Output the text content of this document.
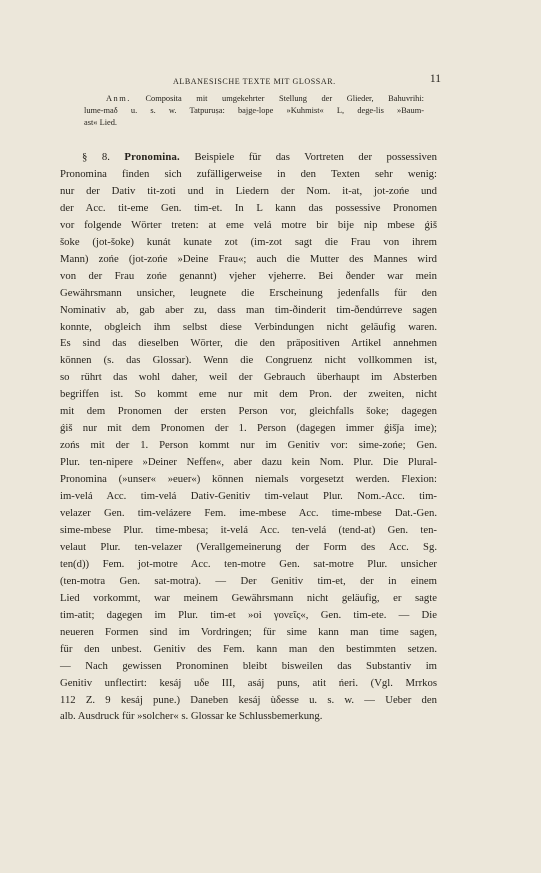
ALBANESISCHE TEXTE MIT GLOSSAR.	11
Anm. Composita mit umgekehrter Stellung der Glieder, Bahuvrihi:
lume-maδ u. s. w. Tatpuruṣa: bajge-lope »Kuhmist« L, dege-lis »Baum-
ast« Lied.
§ 8. Pronomina. Beispiele für das Vortreten der possessiven
Pronomina finden sich zufälligerweise in den Texten sehr wenig:
nur der Dativ tit-zoti und in Liedern der Nom. it-at, jot-zońe und
der Acc. tit-eme Gen. tim-et. In L kann das possessive Pronomen
vor folgende Wörter treten: at eme velá motre bir bije nip mbese ǵiš
šoke (jot-šoke) kunát kunate zot (im-zot sagt die Frau von ihrem
Mann) zońe (jot-zońe »Deine Frau«; auch die Mutter des Mannes wird
von der Frau zońe genannt) vjeher vjeherre. Bei ðender war mein
Gewährsmann unsicher, leugnete die Erscheinung jedenfalls für den
Nominativ ab, gab aber zu, dass man tim-ðinderit tim-ðendúrreve sagen
konnte, obgleich ihm selbst diese Verbindungen nicht geläufig waren.
Es sind das dieselben Wörter, die den präpositiven Artikel annehmen
können (s. das Glossar). Wenn die Congruenz nicht vollkommen ist,
so rührt das wohl daher, weil der Gebrauch überhaupt im Absterben
begriffen ist. So kommt eme nur mit dem Pron. der zweiten, nicht
mit dem Pronomen der ersten Person vor, gleichfalls šoke; dagegen
ǵiš nur mit dem Pronomen der 1. Person (dagegen immer ǵišǰa ime);
zońs mit der 1. Person kommt nur im Genitiv vor: sime-zońe; Gen.
Plur. ten-nipere »Deiner Neffen«, aber dazu kein Nom. Plur. Die Plural-
Pronomina (»unser« »euer«) können niemals vorgesetzt werden. Flexion:
im-velá Acc. tim-velá Dativ-Genitiv tim-velaut Plur. Nom.-Acc. tim-
velazer Gen. tim-velázere Fem. ime-mbese Acc. time-mbese Dat.-Gen.
sime-mbese Plur. time-mbesa; it-velá Acc. ten-velá (tend-at) Gen. ten-
velaut Plur. ten-velazer (Verallgemeinerung der Form des Acc. Sg.
ten(d)) Fem. jot-motre Acc. ten-motre Gen. sat-motre Plur. unsicher
(ten-motra Gen. sat-motra). — Der Genitiv tim-et, der in einem
Lied vorkommt, war meinem Gewährsmann nicht geläufig, er sagte
tim-atit; dagegen im Plur. tim-et »oi γονεῖς«, Gen. tim-ete. — Die
neueren Formen sind im Vordringen; für sime kann man time sagen,
für den unbest. Genitiv des Fem. kann man den bestimmten setzen.
— Nach gewissen Pronominen bleibt bisweilen das Substantiv im
Genitiv unflectirt: kesáj uδe III, asáj puns, atit ńeri. (Vgl. Mrrkos
112 Z. 9 kesáj pune.) Daneben kesáj ùδesse u. s. w. — Ueber den
alb. Ausdruck für »solcher« s. Glossar ke Schlussbemerkung.
